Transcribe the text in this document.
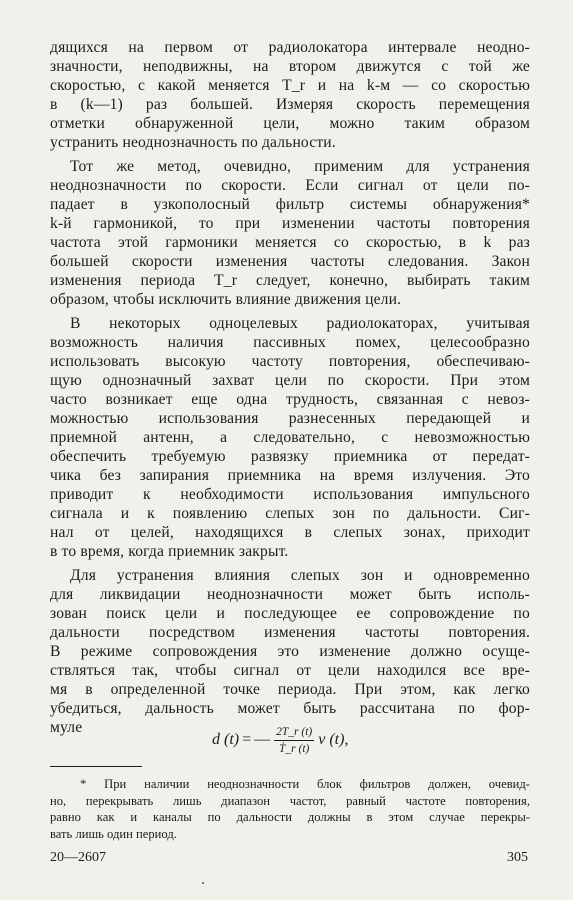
дящихся на первом от радиолокатора интервале неодно-
значности, неподвижны, на втором движутся с той же
скоростью, с какой меняется T_r и на k-м — со скоростью
в (k—1) раз большей. Измеряя скорость перемещения
отметки обнаруженной цели, можно таким образом
устранить неоднозначность по дальности.
Тот же метод, очевидно, применим для устранения
неоднозначности по скорости. Если сигнал от цели по-
падает в узкополосный фильтр системы обнаружения*
k-й гармоникой, то при изменении частоты повторения
частота этой гармоники меняется со скоростью, в k раз
большей скорости изменения частоты следования. Закон
изменения периода T_r следует, конечно, выбирать таким
образом, чтобы исключить влияние движения цели.
В некоторых одноцелевых радиолокаторах, учитывая
возможность наличия пассивных помех, целесообразно
использовать высокую частоту повторения, обеспечиваю-
щую однозначный захват цели по скорости. При этом
часто возникает еще одна трудность, связанная с невоз-
можностью использования разнесенных передающей и
приемной антенн, а следовательно, с невозможностью
обеспечить требуемую развязку приемника от передат-
чика без запирания приемника на время излучения. Это
приводит к необходимости использования импульсного
сигнала и к появлению слепых зон по дальности. Сиг-
нал от целей, находящихся в слепых зонах, приходит
в то время, когда приемник закрыт.
Для устранения влияния слепых зон и одновременно
для ликвидации неоднозначности может быть исполь-
зован поиск цели и последующее ее сопровождение по
дальности посредством изменения частоты повторения.
В режиме сопровождения это изменение должно осуще-
ствляться так, чтобы сигнал от цели находился все вре-
мя в определенной точке периода. При этом, как легко
убедиться, дальность может быть рассчитана по фор-
муле
d (t) = — $\frac{2T\_r (t)}{\text{Ṫ\_r (t)}}$ v (t),
* При наличии неоднозначности блок фильтров должен, очевид-
но, перекрывать лишь диапазон частот, равный частоте повторения,
равно как и каналы по дальности должны в этом случае перекры-
вать лишь один период.
20—2607	305
